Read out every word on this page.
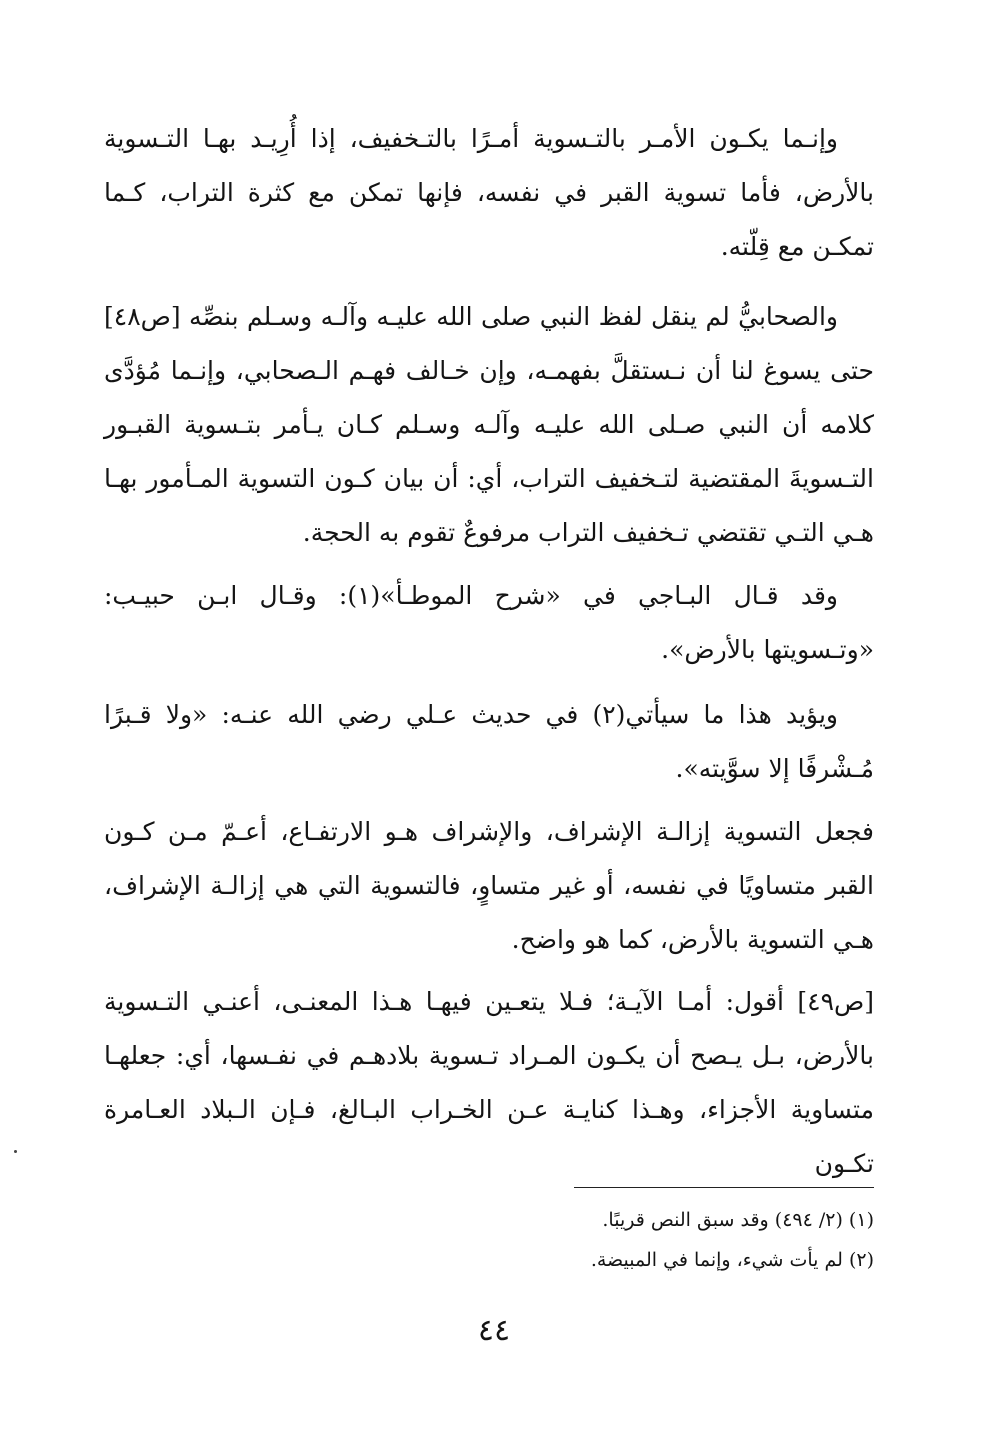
وإنـما يكـون الأمـر بالتـسوية أمـرًا بالتـخفيف، إذا أُرِيـد بهـا التـسوية بالأرض، فأما تسوية القبر في نفسه، فإنها تمكن مع كثرة التراب، كـما تمكـن مع قِلّته.

والصحابيُّ لم ينقل لفظ النبي صلى الله عليـه وآلـه وسـلم بنصِّه [ص٤٨] حتى يسوغ لنا أن نـستقلَّ بفهمـه، وإن خـالف فهـم الـصحابي، وإنـما مُؤدَّى كلامه أن النبي صـلى الله عليـه وآلـه وسـلم كـان يـأمر بتـسوية القبـور التـسويةَ المقتضية لتـخفيف التراب، أي: أن بيان كـون التسوية المـأمور بهـا هـي التـي تقتضي تـخفيف التراب مرفوعٌ تقوم به الحجة.

وقد قـال البـاجي في «شرح الموطـأ»(١): وقـال ابـن حبيـب: «وتـسويتها بالأرض».

ويؤيد هذا ما سيأتي(٢) في حديث عـلي رضي الله عنـه: «ولا قـبرًا مُـشْرفًا إلا سوَّيته».

فجعل التسوية إزالـة الإشراف، والإشراف هـو الارتفـاع، أعـمّ مـن كـون القبر متساويًا في نفسه، أو غير متساوٍ، فالتسوية التي هي إزالـة الإشراف، هـي التسوية بالأرض، كما هو واضح.

[ص٤٩] أقول: أمـا الآيـة؛ فـلا يتعـين فيهـا هـذا المعنـى، أعنـي التـسوية بالأرض، بـل يـصح أن يكـون المـراد تـسوية بلادهـم في نفـسها، أي: جعلهـا متساوية الأجزاء، وهـذا كنايـة عـن الخـراب البـالغ، فـإن الـبلاد العـامرة تكـون

(١) (٢/ ٤٩٤) وقد سبق النص قريبًا.

(٢) لم يأت شيء، وإنما في المبيضة.

٤٤
